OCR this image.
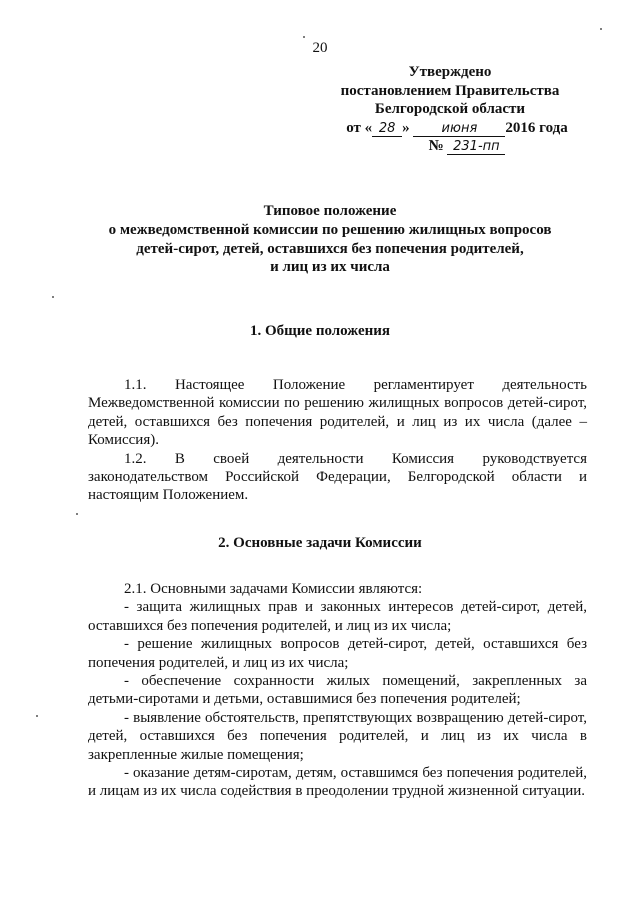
20
Утверждено
постановлением Правительства
Белгородской области
от « 28 » июня 2016 года
№ 231-пп
Типовое положение
о межведомственной комиссии по решению жилищных вопросов
детей-сирот, детей, оставшихся без попечения родителей,
и лиц из их числа
1. Общие положения

1.1. Настоящее Положение регламентирует деятельность Межведомственной комиссии по решению жилищных вопросов детей-сирот, детей, оставшихся без попечения родителей, и лиц из их числа (далее – Комиссия).

1.2. В своей деятельности Комиссия руководствуется законодательством Российской Федерации, Белгородской области и настоящим Положением.

2. Основные задачи Комиссии

2.1. Основными задачами Комиссии являются:

- защита жилищных прав и законных интересов детей-сирот, детей, оставшихся без попечения родителей, и лиц из их числа;

- решение жилищных вопросов детей-сирот, детей, оставшихся без попечения родителей, и лиц из их числа;

- обеспечение сохранности жилых помещений, закрепленных за детьми-сиротами и детьми, оставшимися без попечения родителей;

- выявление обстоятельств, препятствующих возвращению детей-сирот, детей, оставшихся без попечения родителей, и лиц из их числа в закрепленные жилые помещения;

- оказание детям-сиротам, детям, оставшимся без попечения родителей, и лицам из их числа содействия в преодолении трудной жизненной ситуации.
